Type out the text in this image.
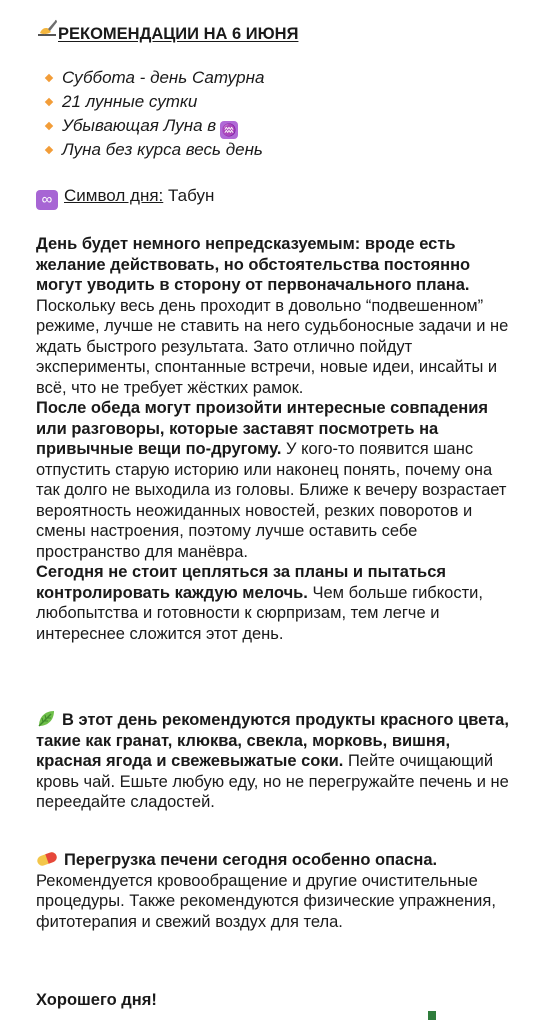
РЕКОМЕНДАЦИИ НА 6 ИЮНЯ
Суббота - день Сатурна
21 лунные сутки
Убывающая Луна в ♒
Луна без курса весь день
∞ Символ дня: Табун
День будет немного непредсказуемым: вроде есть желание действовать, но обстоятельства постоянно могут уводить в сторону от первоначального плана. Поскольку весь день проходит в довольно “подвешенном” режиме, лучше не ставить на него судьбоносные задачи и не ждать быстрого результата. Зато отлично пойдут эксперименты, спонтанные встречи, новые идеи, инсайты и всё, что не требует жёстких рамок.
После обеда могут произойти интересные совпадения или разговоры, которые заставят посмотреть на привычные вещи по-другому. У кого-то появится шанс отпустить старую историю или наконец понять, почему она так долго не выходила из головы. Ближе к вечеру возрастает вероятность неожиданных новостей, резких поворотов и смены настроения, поэтому лучше оставить себе пространство для манёвра.
Сегодня не стоит цепляться за планы и пытаться контролировать каждую мелочь. Чем больше гибкости, любопытства и готовности к сюрпризам, тем легче и интереснее сложится этот день.
В этот день рекомендуются продукты красного цвета, такие как гранат, клюква, свекла, морковь, вишня, красная ягода и свежевыжатые соки. Пейте очищающий кровь чай. Ешьте любую еду, но не перегружайте печень и не переедайте сладостей.
Перегрузка печени сегодня особенно опасна. Рекомендуется кровообращение и другие очистительные процедуры. Также рекомендуются физические упражнения, фитотерапия и свежий воздух для тела.
Хорошего дня!
